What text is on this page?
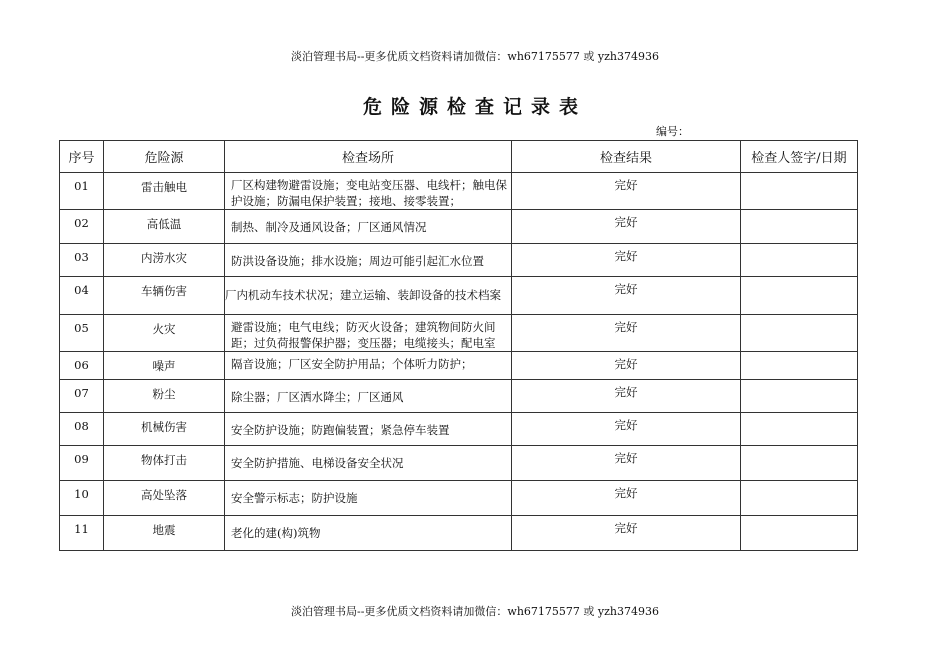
淡泊管理书局--更多优质文档资料请加微信：wh67175577 或 yzh374936
危险源检查记录表
编号：
序号	危险源	检查场所	检查结果	检查人签字/日期
01	雷击触电	厂区构建物避雷设施；变电站变压器、电线杆；触电保护设施；防漏电保护装置；接地、接零装置；	完好	
02	高低温	制热、制冷及通风设备；厂区通风情况	完好	
03	内涝水灾	防洪设备设施；排水设施；周边可能引起汇水位置	完好	
04	车辆伤害	厂内机动车技术状况；建立运输、装卸设备的技术档案	完好	
05	火灾	避雷设施；电气电线；防灭火设备；建筑物间防火间距；过负荷报警保护器；变压器；电缆接头；配电室	完好	
06	噪声	隔音设施；厂区安全防护用品；个体听力防护；	完好	
07	粉尘	除尘器；厂区洒水降尘；厂区通风	完好	
08	机械伤害	安全防护设施；防跑偏装置；紧急停车装置	完好	
09	物体打击	安全防护措施、电梯设备安全状况	完好	
10	高处坠落	安全警示标志；防护设施	完好	
11	地震	老化的建(构)筑物	完好	
淡泊管理书局--更多优质文档资料请加微信：wh67175577 或 yzh374936
